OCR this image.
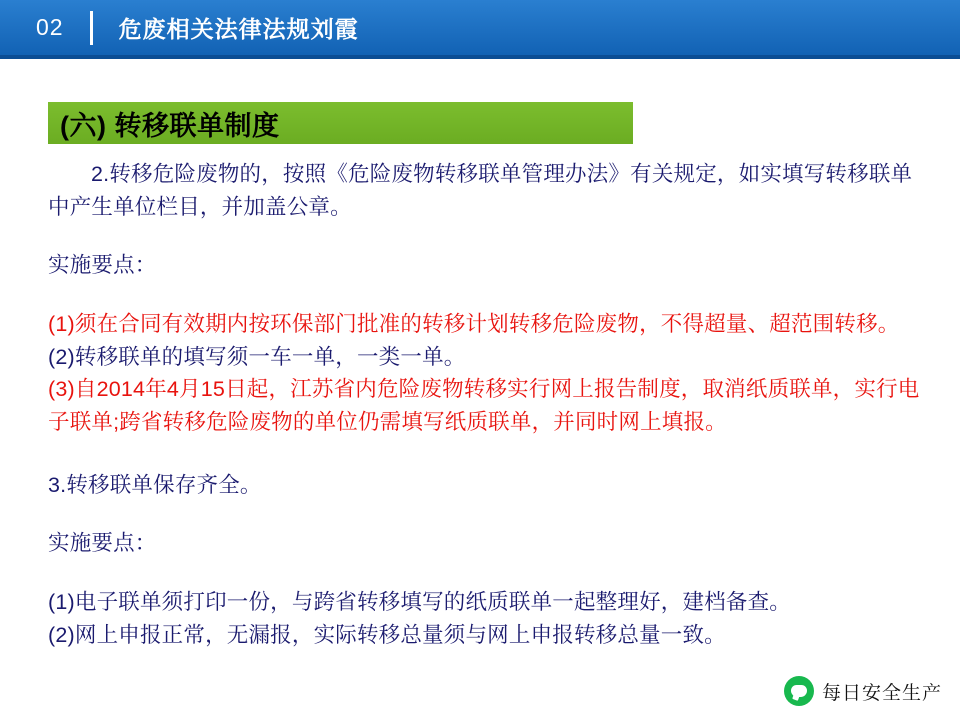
02 危废相关法律法规刘霞
(六) 转移联单制度
2.转移危险废物的，按照《危险废物转移联单管理办法》有关规定，如实填写转移联单中产生单位栏目，并加盖公章。
实施要点：
(1)须在合同有效期内按环保部门批准的转移计划转移危险废物，不得超量、超范围转移。
(2)转移联单的填写须一车一单，一类一单。
(3)自2014年4月15日起，江苏省内危险废物转移实行网上报告制度，取消纸质联单，实行电子联单;跨省转移危险废物的单位仍需填写纸质联单，并同时网上填报。
3.转移联单保存齐全。
实施要点：
(1)电子联单须打印一份，与跨省转移填写的纸质联单一起整理好，建档备查。
(2)网上申报正常，无漏报，实际转移总量须与网上申报转移总量一致。
每日安全生产
